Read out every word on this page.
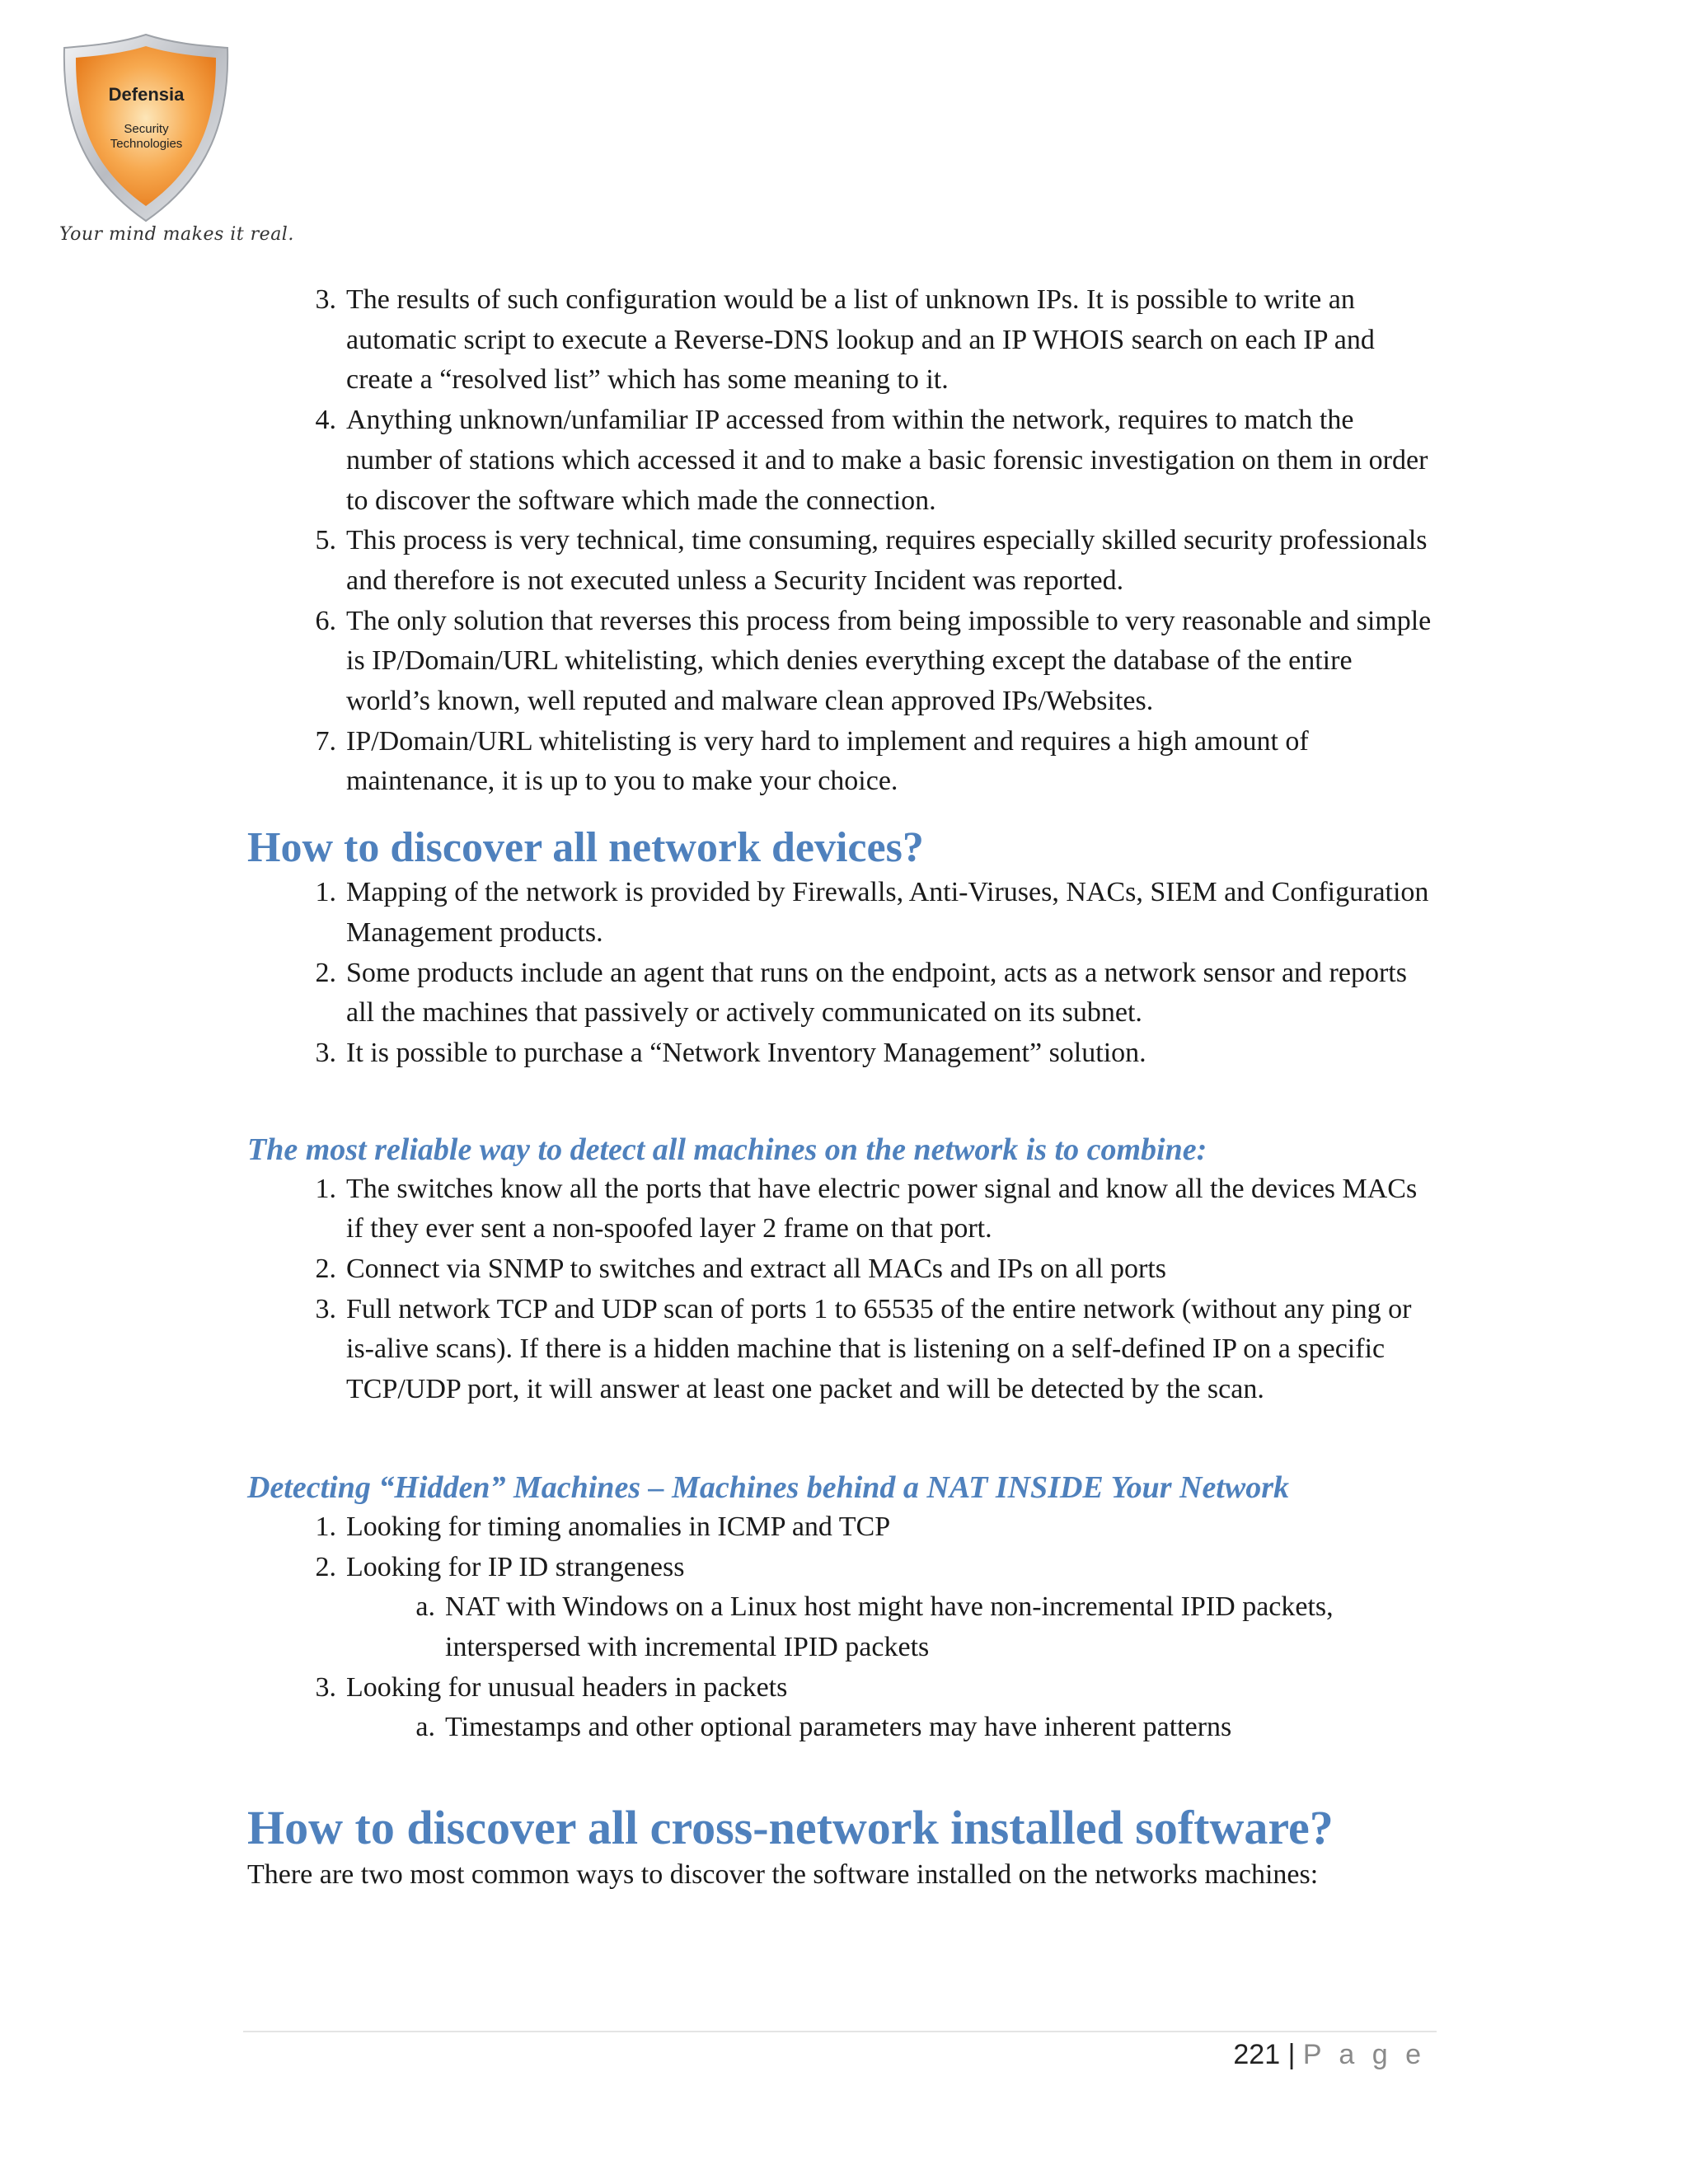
Defensia
Security
Technologies
Your mind makes it real.
3. The results of such configuration would be a list of unknown IPs. It is possible to write an automatic script to execute a Reverse-DNS lookup and an IP WHOIS search on each IP and create a “resolved list” which has some meaning to it.
4. Anything unknown/unfamiliar IP accessed from within the network, requires to match the number of stations which accessed it and to make a basic forensic investigation on them in order to discover the software which made the connection.
5. This process is very technical, time consuming, requires especially skilled security professionals and therefore is not executed unless a Security Incident was reported.
6. The only solution that reverses this process from being impossible to very reasonable and simple is IP/Domain/URL whitelisting, which denies everything except the database of the entire world’s known, well reputed and malware clean approved IPs/Websites.
7. IP/Domain/URL whitelisting is very hard to implement and requires a high amount of maintenance, it is up to you to make your choice.
How to discover all network devices?
1. Mapping of the network is provided by Firewalls, Anti-Viruses, NACs, SIEM and Configuration Management products.
2. Some products include an agent that runs on the endpoint, acts as a network sensor and reports all the machines that passively or actively communicated on its subnet.
3. It is possible to purchase a “Network Inventory Management” solution.
The most reliable way to detect all machines on the network is to combine:
1. The switches know all the ports that have electric power signal and know all the devices MACs if they ever sent a non-spoofed layer 2 frame on that port.
2. Connect via SNMP to switches and extract all MACs and IPs on all ports
3. Full network TCP and UDP scan of ports 1 to 65535 of the entire network (without any ping or is-alive scans). If there is a hidden machine that is listening on a self-defined IP on a specific TCP/UDP port, it will answer at least one packet and will be detected by the scan.
Detecting “Hidden” Machines – Machines behind a NAT INSIDE Your Network
1. Looking for timing anomalies in ICMP and TCP
2. Looking for IP ID strangeness
a. NAT with Windows on a Linux host might have non-incremental IPID packets, interspersed with incremental IPID packets
3. Looking for unusual headers in packets
a. Timestamps and other optional parameters may have inherent patterns
How to discover all cross-network installed software?

There are two most common ways to discover the software installed on the networks machines:

221 | P a g e
